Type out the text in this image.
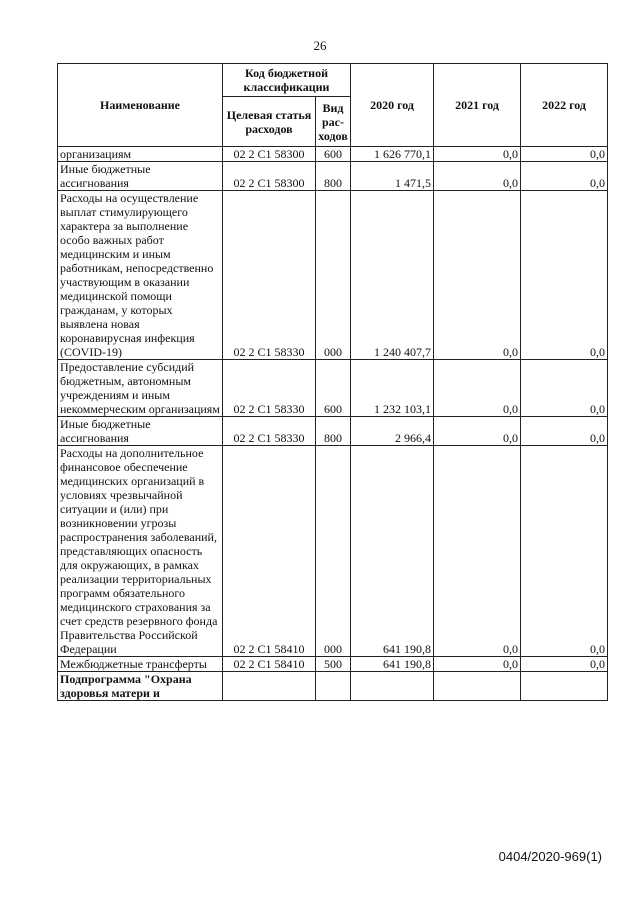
26
Наименование	Код бюджетной классификации		2020 год	2021 год	2022 год
	Целевая статья расходов	Вид рас-ходов			
организациям	02 2 С1 58300	600	1 626 770,1	0,0	0,0
Иные бюджетные ассигнования	02 2 С1 58300	800	1 471,5	0,0	0,0
Расходы на осуществление выплат стимулирующего характера за выполнение особо важных работ медицинским и иным работникам, непосредственно участвующим в оказании медицинской помощи гражданам, у которых выявлена новая коронавирусная инфекция (COVID-19)	02 2 С1 58330	000	1 240 407,7	0,0	0,0
Предоставление субсидий бюджетным, автономным учреждениям и иным некоммерческим организациям	02 2 С1 58330	600	1 232 103,1	0,0	0,0
Иные бюджетные ассигнования	02 2 С1 58330	800	2 966,4	0,0	0,0
Расходы на дополнительное финансовое обеспечение медицинских организаций в условиях чрезвычайной ситуации и (или) при возникновении угрозы распространения заболеваний, представляющих опасность для окружающих, в рамках реализации территориальных программ обязательного медицинского страхования за счет средств резервного фонда Правительства Российской Федерации	02 2 С1 58410	000	641 190,8	0,0	0,0
Межбюджетные трансферты	02 2 С1 58410	500	641 190,8	0,0	0,0
Подпрограмма "Охрана здоровья матери и					
0404/2020-969(1)
